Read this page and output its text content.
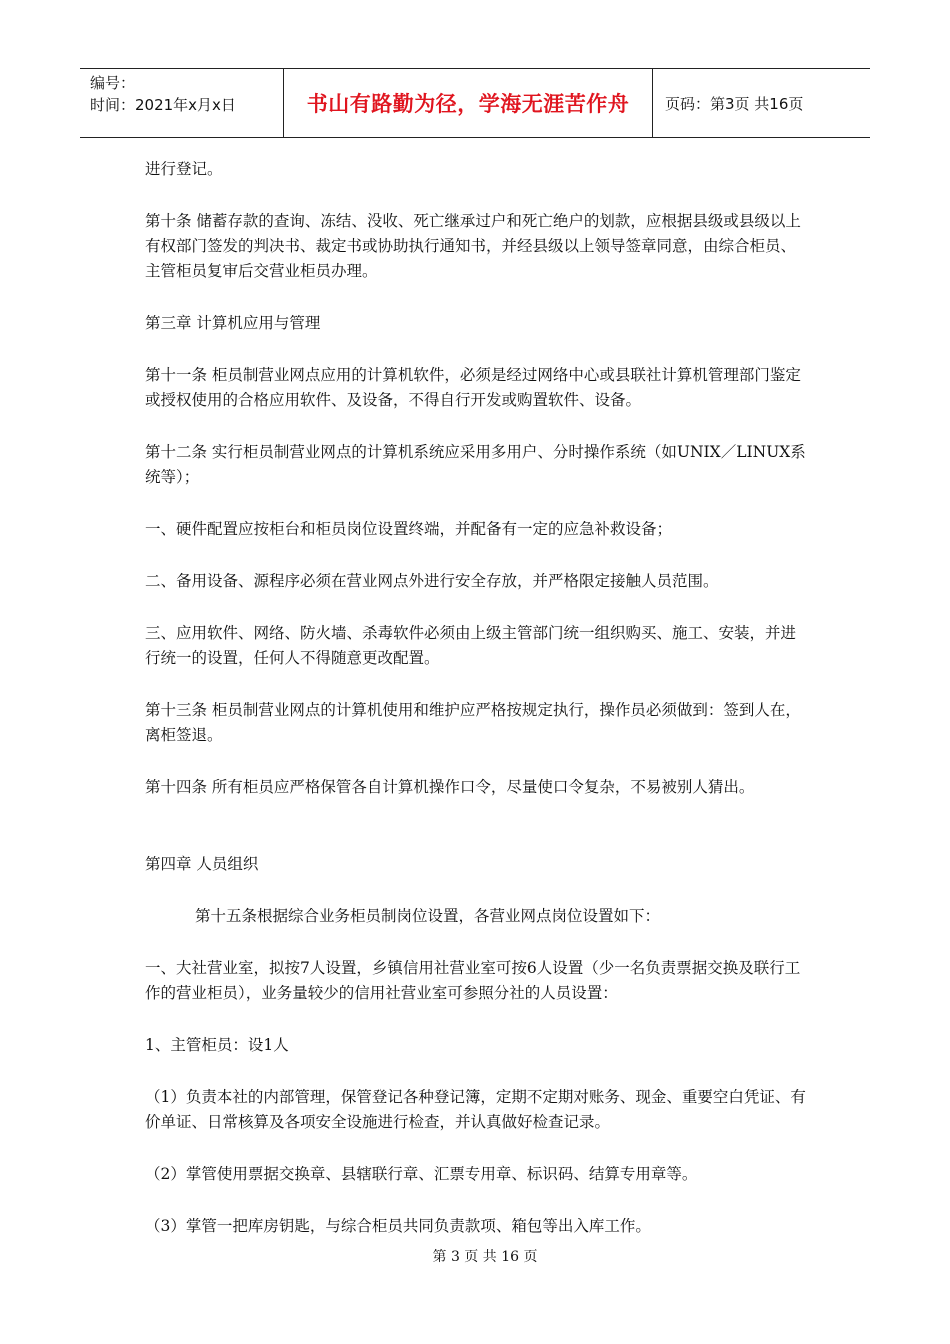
编号：
时间：2021年x月x日	书山有路勤为径，学海无涯苦作舟	页码：第3页 共16页

进行登记。

第十条 储蓄存款的查询、冻结、没收、死亡继承过户和死亡绝户的划款，应根据县级或县级以上有权部门签发的判决书、裁定书或协助执行通知书，并经县级以上领导签章同意，由综合柜员、主管柜员复审后交营业柜员办理。

第三章 计算机应用与管理

第十一条 柜员制营业网点应用的计算机软件，必须是经过网络中心或县联社计算机管理部门鉴定或授权使用的合格应用软件、及设备，不得自行开发或购置软件、设备。

第十二条 实行柜员制营业网点的计算机系统应采用多用户、分时操作系统（如UNIX／LINUX系统等）；

一、硬件配置应按柜台和柜员岗位设置终端，并配备有一定的应急补救设备；

二、备用设备、源程序必须在营业网点外进行安全存放，并严格限定接触人员范围。

三、应用软件、网络、防火墙、杀毒软件必须由上级主管部门统一组织购买、施工、安装，并进行统一的设置，任何人不得随意更改配置。

第十三条 柜员制营业网点的计算机使用和维护应严格按规定执行，操作员必须做到：签到人在，离柜签退。

第十四条 所有柜员应严格保管各自计算机操作口令，尽量使口令复杂，不易被别人猜出。

第四章 人员组织

第十五条根据综合业务柜员制岗位设置，各营业网点岗位设置如下：

一、大社营业室，拟按7人设置，乡镇信用社营业室可按6人设置（少一名负责票据交换及联行工作的营业柜员），业务量较少的信用社营业室可参照分社的人员设置：

1、主管柜员：设1人

（1）负责本社的内部管理，保管登记各种登记簿，定期不定期对账务、现金、重要空白凭证、有价单证、日常核算及各项安全设施进行检查，并认真做好检查记录。

（2）掌管使用票据交换章、县辖联行章、汇票专用章、标识码、结算专用章等。

（3）掌管一把库房钥匙，与综合柜员共同负责款项、箱包等出入库工作。

第 3 页 共 16 页
